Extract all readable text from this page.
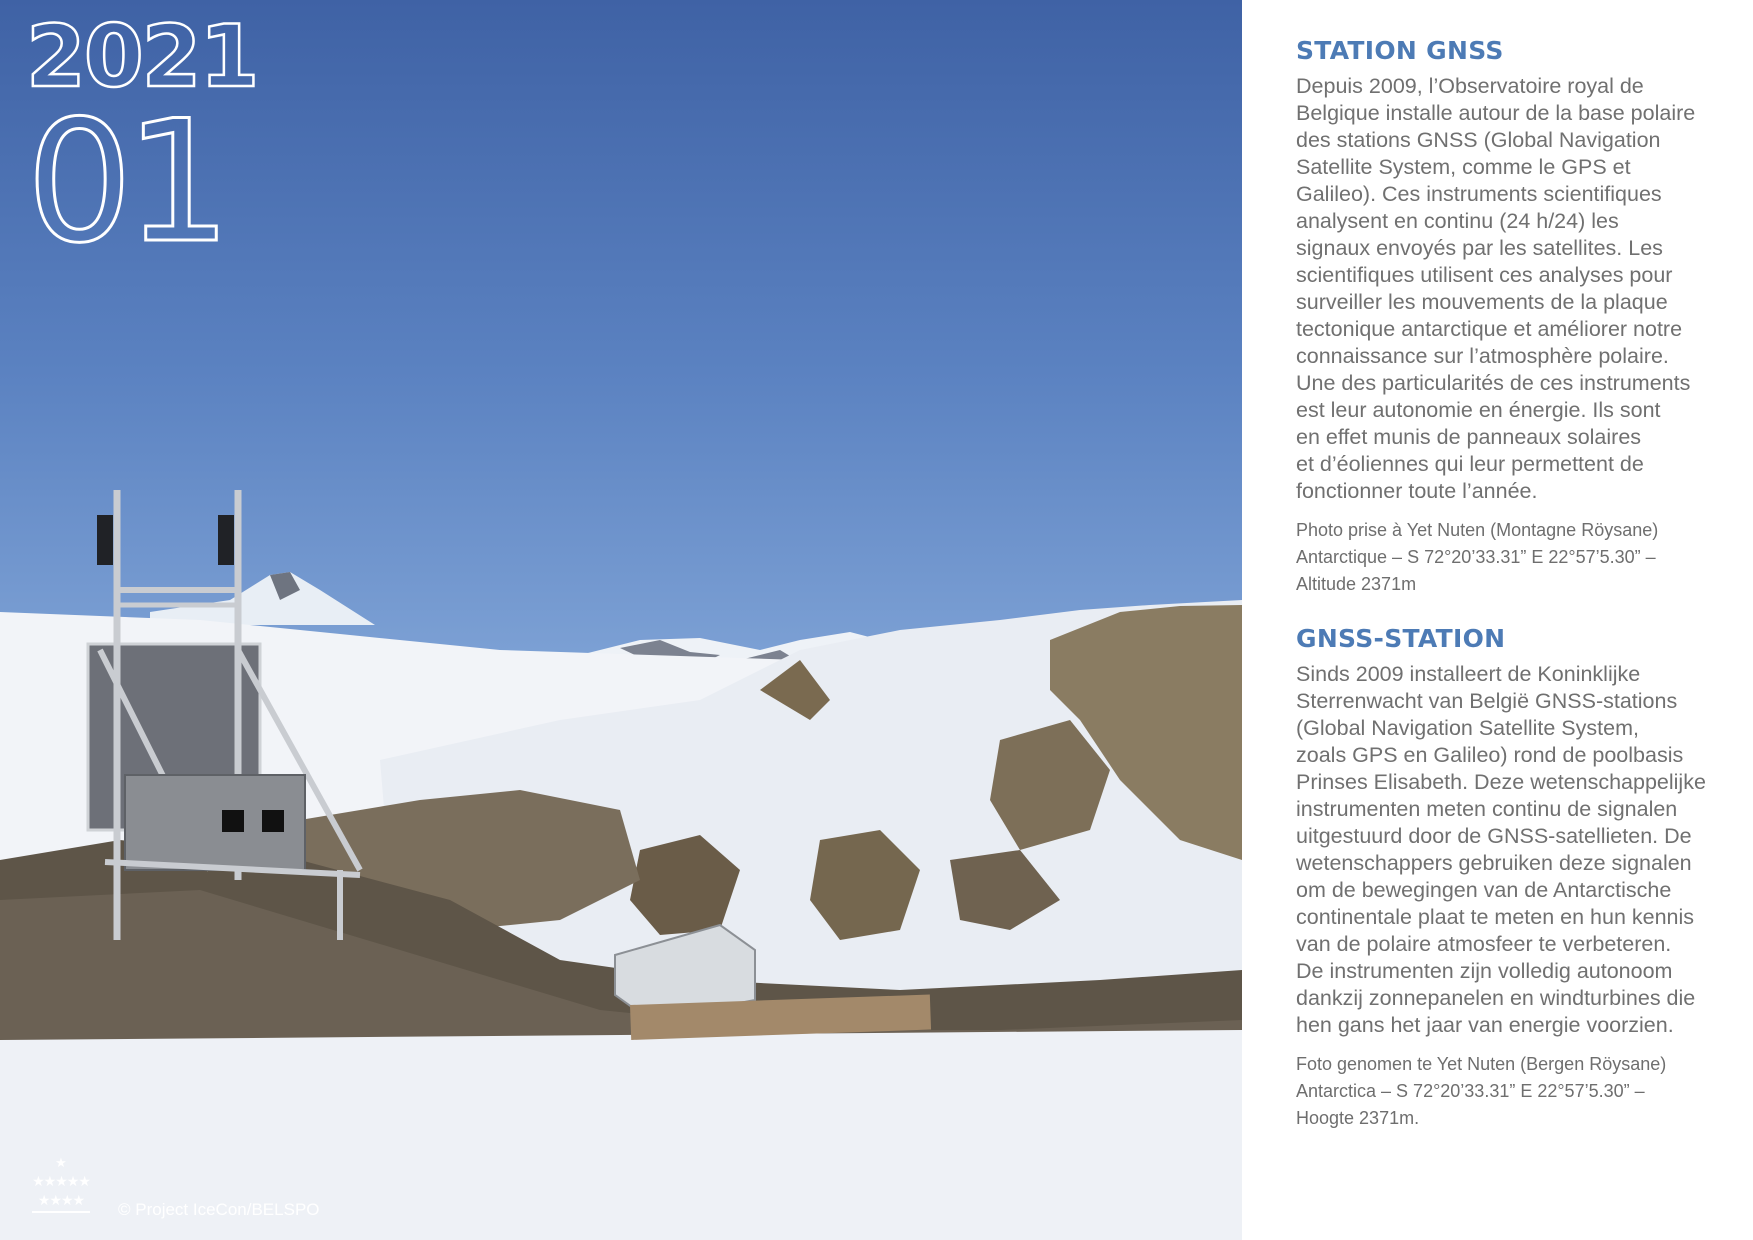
2021
01
★
★★★★★
★★★★ © Project IceCon/BELSPO
STATION GNSS

Depuis 2009, l’Observatoire royal de
Belgique installe autour de la base polaire
des stations GNSS (Global Navigation
Satellite System, comme le GPS et
Galileo). Ces instruments scientifiques
analysent en continu (24 h/24) les
signaux envoyés par les satellites. Les
scientifiques utilisent ces analyses pour
surveiller les mouvements de la plaque
tectonique antarctique et améliorer notre
connaissance sur l’atmosphère polaire.
Une des particularités de ces instruments
est leur autonomie en énergie. Ils sont
en effet munis de panneaux solaires
et d’éoliennes qui leur permettent de
fonctionner toute l’année.

Photo prise à Yet Nuten (Montagne Röysane)
Antarctique – S 72°20’33.31” E 22°57’5.30” –
Altitude 2371m

GNSS-STATION

Sinds 2009 installeert de Koninklijke
Sterrenwacht van België GNSS-stations
(Global Navigation Satellite System,
zoals GPS en Galileo) rond de poolbasis
Prinses Elisabeth. Deze wetenschappelijke
instrumenten meten continu de signalen
uitgestuurd door de GNSS-satellieten. De
wetenschappers gebruiken deze signalen
om de bewegingen van de Antarctische
continentale plaat te meten en hun kennis
van de polaire atmosfeer te verbeteren.
De instrumenten zijn volledig autonoom
dankzij zonnepanelen en windturbines die
hen gans het jaar van energie voorzien.

Foto genomen te Yet Nuten (Bergen Röysane)
Antarctica – S 72°20’33.31” E 22°57’5.30” –
Hoogte 2371m.
